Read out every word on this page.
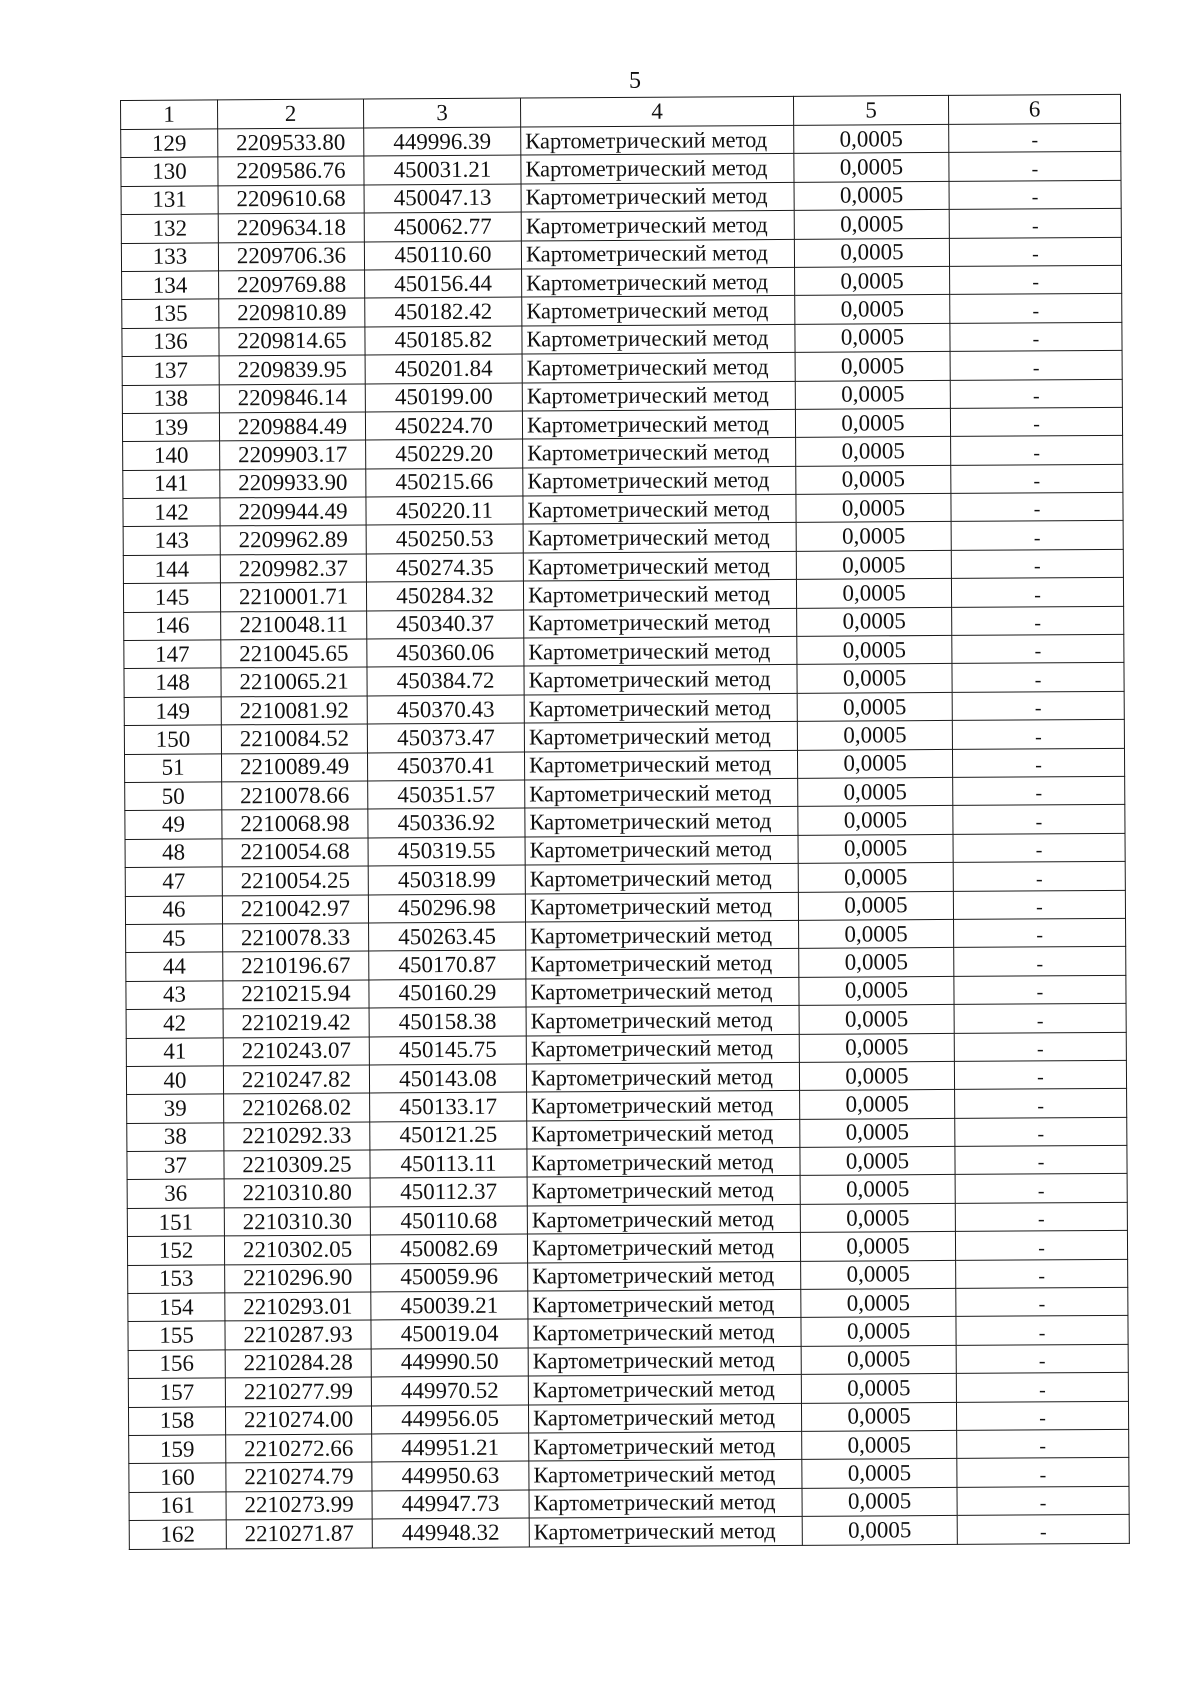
5
1	2	3	4	5	6
129	2209533.80	449996.39	Картометрический метод	0,0005	-
130	2209586.76	450031.21	Картометрический метод	0,0005	-
131	2209610.68	450047.13	Картометрический метод	0,0005	-
132	2209634.18	450062.77	Картометрический метод	0,0005	-
133	2209706.36	450110.60	Картометрический метод	0,0005	-
134	2209769.88	450156.44	Картометрический метод	0,0005	-
135	2209810.89	450182.42	Картометрический метод	0,0005	-
136	2209814.65	450185.82	Картометрический метод	0,0005	-
137	2209839.95	450201.84	Картометрический метод	0,0005	-
138	2209846.14	450199.00	Картометрический метод	0,0005	-
139	2209884.49	450224.70	Картометрический метод	0,0005	-
140	2209903.17	450229.20	Картометрический метод	0,0005	-
141	2209933.90	450215.66	Картометрический метод	0,0005	-
142	2209944.49	450220.11	Картометрический метод	0,0005	-
143	2209962.89	450250.53	Картометрический метод	0,0005	-
144	2209982.37	450274.35	Картометрический метод	0,0005	-
145	2210001.71	450284.32	Картометрический метод	0,0005	-
146	2210048.11	450340.37	Картометрический метод	0,0005	-
147	2210045.65	450360.06	Картометрический метод	0,0005	-
148	2210065.21	450384.72	Картометрический метод	0,0005	-
149	2210081.92	450370.43	Картометрический метод	0,0005	-
150	2210084.52	450373.47	Картометрический метод	0,0005	-
51	2210089.49	450370.41	Картометрический метод	0,0005	-
50	2210078.66	450351.57	Картометрический метод	0,0005	-
49	2210068.98	450336.92	Картометрический метод	0,0005	-
48	2210054.68	450319.55	Картометрический метод	0,0005	-
47	2210054.25	450318.99	Картометрический метод	0,0005	-
46	2210042.97	450296.98	Картометрический метод	0,0005	-
45	2210078.33	450263.45	Картометрический метод	0,0005	-
44	2210196.67	450170.87	Картометрический метод	0,0005	-
43	2210215.94	450160.29	Картометрический метод	0,0005	-
42	2210219.42	450158.38	Картометрический метод	0,0005	-
41	2210243.07	450145.75	Картометрический метод	0,0005	-
40	2210247.82	450143.08	Картометрический метод	0,0005	-
39	2210268.02	450133.17	Картометрический метод	0,0005	-
38	2210292.33	450121.25	Картометрический метод	0,0005	-
37	2210309.25	450113.11	Картометрический метод	0,0005	-
36	2210310.80	450112.37	Картометрический метод	0,0005	-
151	2210310.30	450110.68	Картометрический метод	0,0005	-
152	2210302.05	450082.69	Картометрический метод	0,0005	-
153	2210296.90	450059.96	Картометрический метод	0,0005	-
154	2210293.01	450039.21	Картометрический метод	0,0005	-
155	2210287.93	450019.04	Картометрический метод	0,0005	-
156	2210284.28	449990.50	Картометрический метод	0,0005	-
157	2210277.99	449970.52	Картометрический метод	0,0005	-
158	2210274.00	449956.05	Картометрический метод	0,0005	-
159	2210272.66	449951.21	Картометрический метод	0,0005	-
160	2210274.79	449950.63	Картометрический метод	0,0005	-
161	2210273.99	449947.73	Картометрический метод	0,0005	-
162	2210271.87	449948.32	Картометрический метод	0,0005	-
